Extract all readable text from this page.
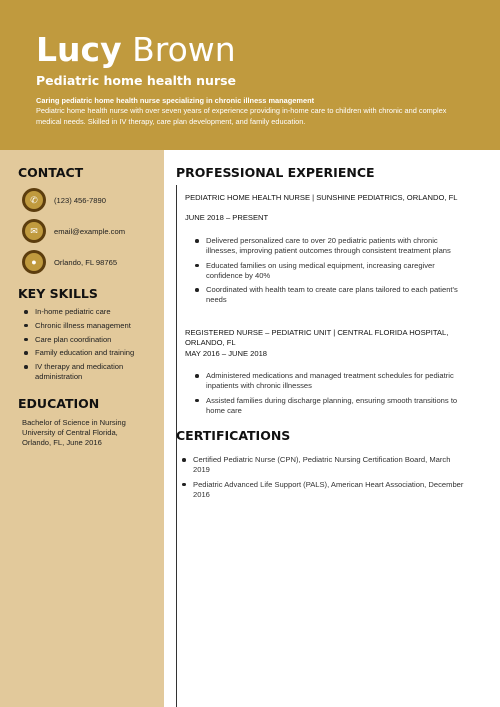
Lucy Brown
Pediatric home health nurse
Caring pediatric home health nurse specializing in chronic illness management
Pediatric home health nurse with over seven years of experience providing in-home care to children with chronic and complex medical needs. Skilled in IV therapy, care plan development, and family education.
CONTACT
✆	(123) 456-7890
✉	email@example.com
●	Orlando, FL 98765
KEY SKILLS
In-home pediatric care
Chronic illness management
Care plan coordination
Family education and training
IV therapy and medication administration
EDUCATION
Bachelor of Science in Nursing
University of Central Florida,
Orlando, FL, June 2016
PROFESSIONAL EXPERIENCE
PEDIATRIC HOME HEALTH NURSE | SUNSHINE PEDIATRICS, ORLANDO, FL
JUNE 2018 – PRESENT
Delivered personalized care to over 20 pediatric patients with chronic illnesses, improving patient outcomes through consistent treatment plans
Educated families on using medical equipment, increasing caregiver confidence by 40%
Coordinated with health team to create care plans tailored to each patient's needs
REGISTERED NURSE – PEDIATRIC UNIT | CENTRAL FLORIDA HOSPITAL, ORLANDO, FL
MAY 2016 – JUNE 2018
Administered medications and managed treatment schedules for pediatric inpatients with chronic illnesses
Assisted families during discharge planning, ensuring smooth transitions to home care
CERTIFICATIONS
Certified Pediatric Nurse (CPN), Pediatric Nursing Certification Board, March 2019
Pediatric Advanced Life Support (PALS), American Heart Association, December 2016
